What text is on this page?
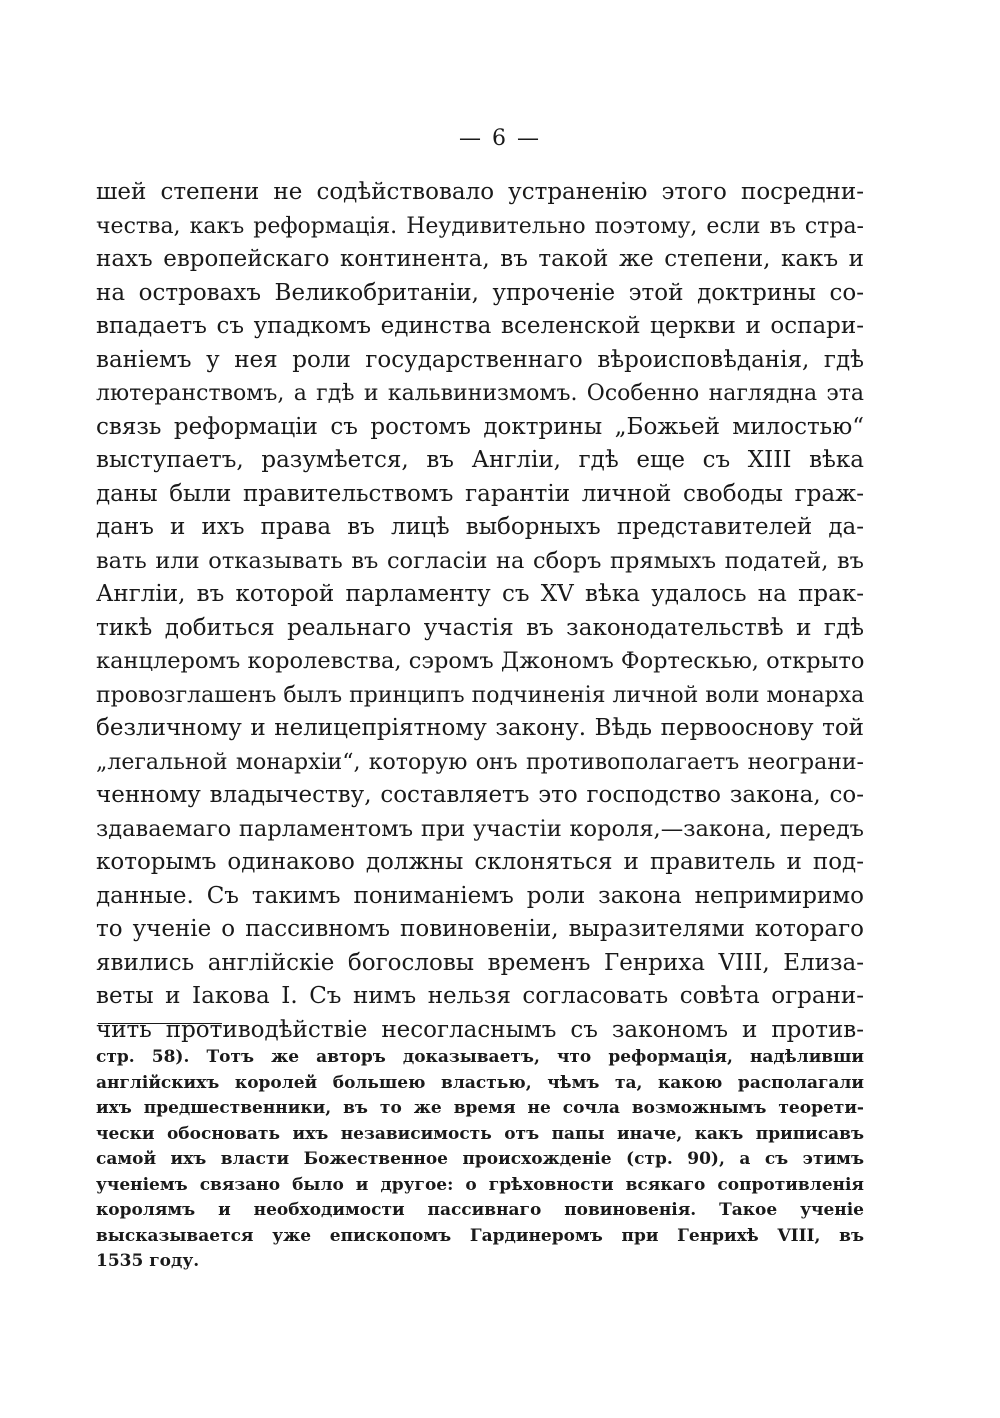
— 6 —
шей степени не содѣйствовало устраненію этого посредни-
чества, какъ реформація. Неудивительно поэтому, если въ стра-
нахъ европейскаго континента, въ такой же степени, какъ и
на островахъ Великобританіи, упроченіе этой доктрины со-
впадаетъ съ упадкомъ единства вселенской церкви и оспари-
ваніемъ у нея роли государственнаго вѣроисповѣданія, гдѣ
лютеранствомъ, а гдѣ и кальвинизмомъ. Особенно наглядна эта
связь реформаціи съ ростомъ доктрины „Божьей милостью“
выступаетъ, разумѣется, въ Англіи, гдѣ еще съ XIII вѣка
даны были правительствомъ гарантіи личной свободы граж-
данъ и ихъ права въ лицѣ выборныхъ представителей да-
вать или отказывать въ согласіи на сборъ прямыхъ податей, въ
Англіи, въ которой парламенту съ XV вѣка удалось на прак-
тикѣ добиться реальнаго участія въ законодательствѣ и гдѣ
канцлеромъ королевства, сэромъ Джономъ Фортескью, открыто
провозглашенъ былъ принципъ подчиненія личной воли монарха
безличному и нелицепріятному закону. Вѣдь первооснову той
„легальной монархіи“, которую онъ противополагаетъ неограни-
ченному владычеству, составляетъ это господство закона, со-
здаваемаго парламентомъ при участіи короля,—закона, передъ
которымъ одинаково должны склоняться и правитель и под-
данные. Съ такимъ пониманіемъ роли закона непримиримо
то ученіе о пассивномъ повиновеніи, выразителями котораго
явились англійскіе богословы временъ Генриха VIII, Елиза-
веты и Іакова I. Съ нимъ нельзя согласовать совѣта ограни-
чить противодѣйствіе несогласнымъ съ закономъ и против-
стр. 58). Тотъ же авторъ доказываетъ, что реформація, надѣливши
англійскихъ королей большею властью, чѣмъ та, какою располагали
ихъ предшественники, въ то же время не сочла возможнымъ теорети-
чески обосновать ихъ независимость отъ папы иначе, какъ приписавъ
самой ихъ власти Божественное происхожденіе (стр. 90), а съ этимъ
ученіемъ связано было и другое: о грѣховности всякаго сопротивленія
королямъ и необходимости пассивнаго повиновенія. Такое ученіе
высказывается уже епископомъ Гардинеромъ при Генрихѣ VIII, въ
1535 году.
